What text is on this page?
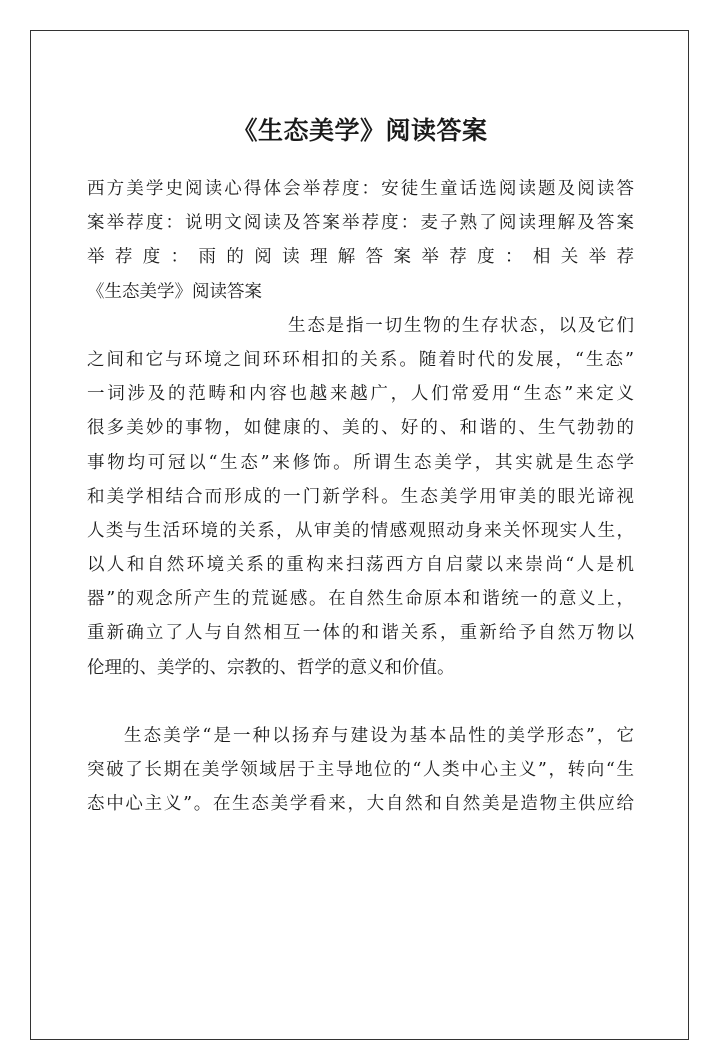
《生态美学》阅读答案
西方美学史阅读心得体会举荐度：安徒生童话选阅读题及阅读答
案举荐度：说明文阅读及答案举荐度：麦子熟了阅读理解及答案
举 荐 度 ： 雨 的 阅 读 理 解 答 案 举 荐 度 ： 相 关 举 荐
《生态美学》阅读答案
生态是指一切生物的生存状态，以及它们
之间和它与环境之间环环相扣的关系。随着时代的发展，“生态”
一词涉及的范畴和内容也越来越广，人们常爱用“生态”来定义
很多美妙的事物，如健康的、美的、好的、和谐的、生气勃勃的
事物均可冠以“生态”来修饰。所谓生态美学，其实就是生态学
和美学相结合而形成的一门新学科。生态美学用审美的眼光谛视
人类与生活环境的关系，从审美的情感观照动身来关怀现实人生，
以人和自然环境关系的重构来扫荡西方自启蒙以来崇尚“人是机
器”的观念所产生的荒诞感。在自然生命原本和谐统一的意义上，
重新确立了人与自然相互一体的和谐关系，重新给予自然万物以
伦理的、美学的、宗教的、哲学的意义和价值。
生态美学“是一种以扬弃与建设为基本品性的美学形态”，它
突破了长期在美学领域居于主导地位的“人类中心主义”，转向“生
态中心主义”。在生态美学看来，大自然和自然美是造物主供应给
